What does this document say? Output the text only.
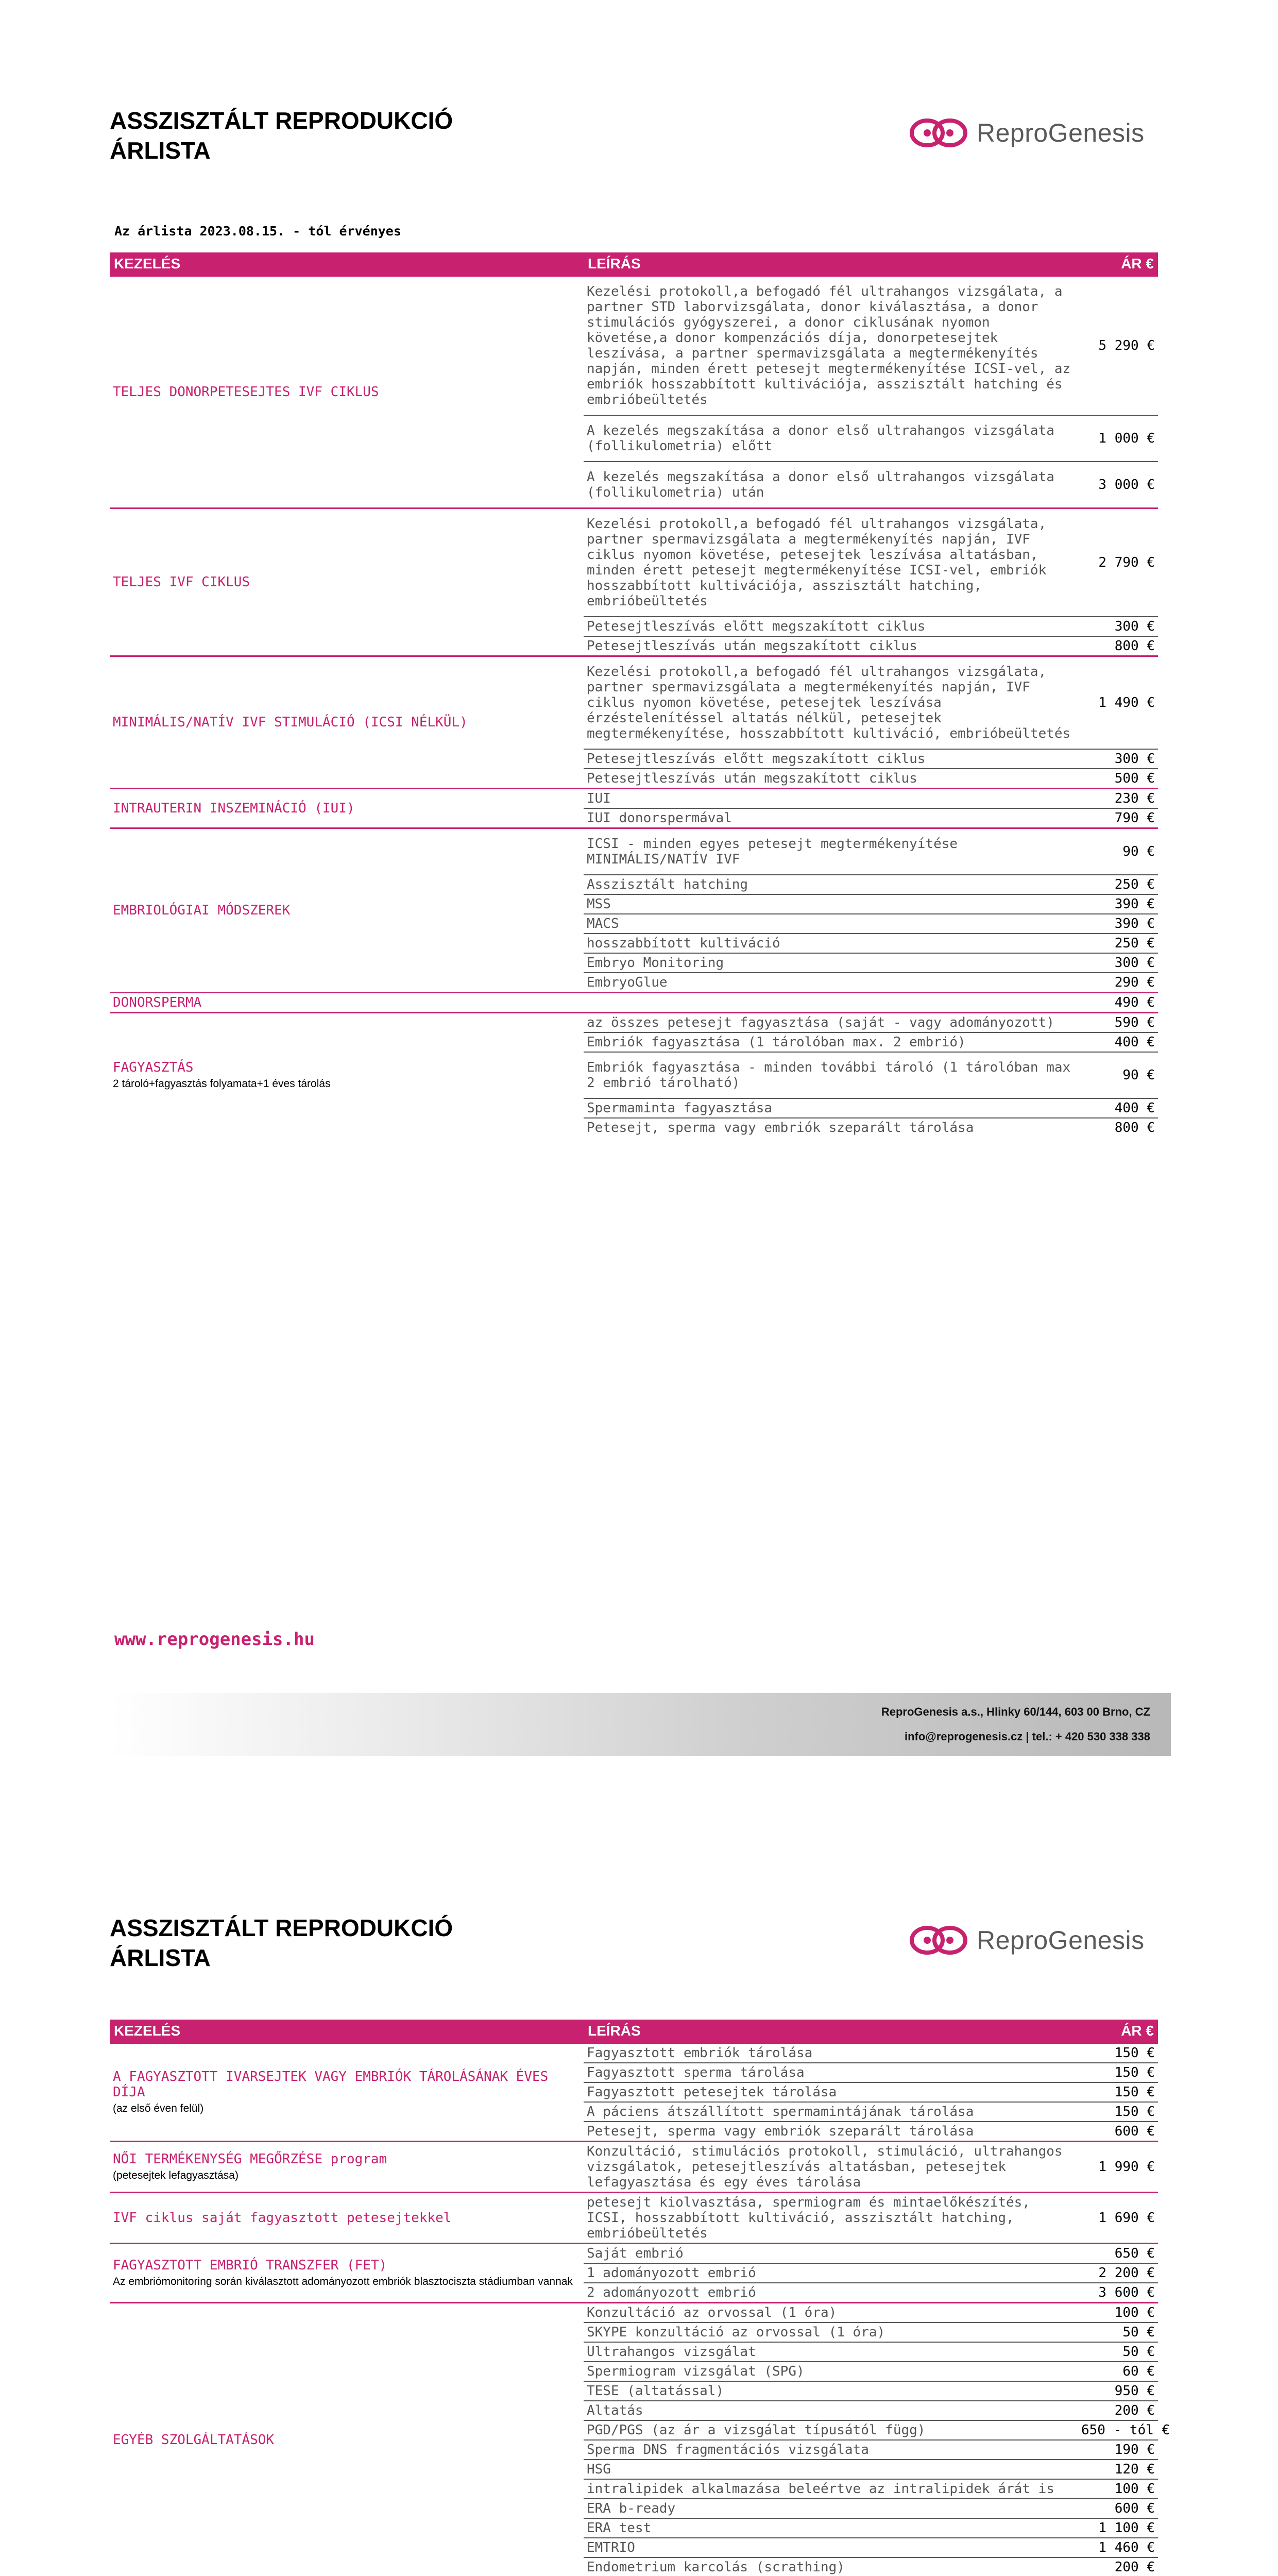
ASSZISZTÁLT REPRODUKCIÓ
ÁRLISTA
ReproGenesis
Az árlista 2023.08.15. - tól érvényes
KEZELÉS	LEÍRÁS	ÁR €
TELJES DONORPETESEJTES IVF CIKLUS	Kezelési protokoll,a befogadó fél ultrahangos vizsgálata, a partner STD laborvizsgálata, donor kiválasztása, a donor stimulációs gyógyszerei, a donor ciklusának nyomon követése,a donor kompenzációs díja, donorpetesejtek leszívása, a partner spermavizsgálata a megtermékenyítés napján, minden érett petesejt megtermékenyítése ICSI-vel, az embriók hosszabbított kultivációja, asszisztált hatching és embrióbeültetés	5 290 €
	A kezelés megszakítása a donor első ultrahangos vizsgálata (follikulometria) előtt	1 000 €
	A kezelés megszakítása a donor első ultrahangos vizsgálata (follikulometria) után	3 000 €
TELJES IVF CIKLUS	Kezelési protokoll,a befogadó fél ultrahangos vizsgálata, partner spermavizsgálata a megtermékenyítés napján, IVF ciklus nyomon követése, petesejtek leszívása altatásban, minden érett petesejt megtermékenyítése ICSI-vel, embriók hosszabbított kultivációja, asszisztált hatching, embrióbeültetés	2 790 €
	Petesejtleszívás előtt megszakított ciklus	300 €
	Petesejtleszívás után megszakított ciklus	800 €
MINIMÁLIS/NATÍV IVF STIMULÁCIÓ (ICSI NÉLKÜL)	Kezelési protokoll,a befogadó fél ultrahangos vizsgálata, partner spermavizsgálata a megtermékenyítés napján, IVF ciklus nyomon követése, petesejtek leszívása érzéstelenítéssel altatás nélkül, petesejtek megtermékenyítése, hosszabbított kultiváció, embrióbeültetés	1 490 €
	Petesejtleszívás előtt megszakított ciklus	300 €
	Petesejtleszívás után megszakított ciklus	500 €
INTRAUTERIN INSZEMINÁCIÓ (IUI)	IUI	230 €
	IUI donorspermával	790 €
EMBRIOLÓGIAI MÓDSZEREK	ICSI - minden egyes petesejt megtermékenyítése MINIMÁLIS/NATÍV IVF	90 €
	Asszisztált hatching	250 €
	MSS	390 €
	MACS	390 €
	hosszabbított kultiváció	250 €
	Embryo Monitoring	300 €
	EmbryoGlue	290 €
DONORSPERMA		490 €
FAGYASZTÁS
2 tároló+fagyasztás folyamata+1 éves tárolás	az összes petesejt fagyasztása (saját - vagy adományozott)	590 €
	Embriók fagyasztása (1 tárolóban max. 2 embrió)	400 €
	Embriók fagyasztása - minden további tároló (1 tárolóban max 2 embrió tárolható)	90 €
	Spermaminta fagyasztása	400 €
	Petesejt, sperma vagy embriók szeparált tárolása	800 €
www.reprogenesis.hu
ReproGenesis a.s., Hlinky 60/144, 603 00 Brno, CZ
info@reprogenesis.cz | tel.: + 420 530 338 338
ASSZISZTÁLT REPRODUKCIÓ
ÁRLISTA
ReproGenesis
KEZELÉS	LEÍRÁS	ÁR €
A FAGYASZTOTT IVARSEJTEK VAGY EMBRIÓK TÁROLÁSÁNAK ÉVES DÍJA
(az első éven felül)	Fagyasztott embriók tárolása	150 €
	Fagyasztott sperma tárolása	150 €
	Fagyasztott petesejtek tárolása	150 €
	A páciens átszállított spermamintájának tárolása	150 €
	Petesejt, sperma vagy embriók szeparált tárolása	600 €
NŐI TERMÉKENYSÉG MEGŐRZÉSE program
(petesejtek lefagyasztása)	Konzultáció, stimulációs protokoll, stimuláció, ultrahangos vizsgálatok, petesejtleszívás altatásban, petesejtek lefagyasztása és egy éves tárolása	1 990 €
IVF ciklus saját fagyasztott petesejtekkel	petesejt kiolvasztása, spermiogram és mintaelőkészítés, ICSI, hosszabbított kultiváció, asszisztált hatching, embrióbeültetés	1 690 €
FAGYASZTOTT EMBRIÓ TRANSZFER (FET)
Az embriómonitoring során kiválasztott adományozott embriók blasztociszta stádiumban vannak	Saját embrió	650 €
	1 adományozott embrió	2 200 €
	2 adományozott embrió	3 600 €
EGYÉB SZOLGÁLTATÁSOK	Konzultáció az orvossal (1 óra)	100 €
	SKYPE konzultáció az orvossal (1 óra)	50 €
	Ultrahangos vizsgálat	50 €
	Spermiogram vizsgálat (SPG)	60 €
	TESE (altatással)	950 €
	Altatás	200 €
	PGD/PGS (az ár a vizsgálat típusától függ)	650 - tól €
	Sperma DNS fragmentációs vizsgálata	190 €
	HSG	120 €
	intralipidek alkalmazása beleértve az intralipidek árát is	100 €
	ERA b-ready	600 €
	ERA test	1 100 €
	EMTRIO	1 460 €
	Endometrium karcolás (scrathing)	200 €
